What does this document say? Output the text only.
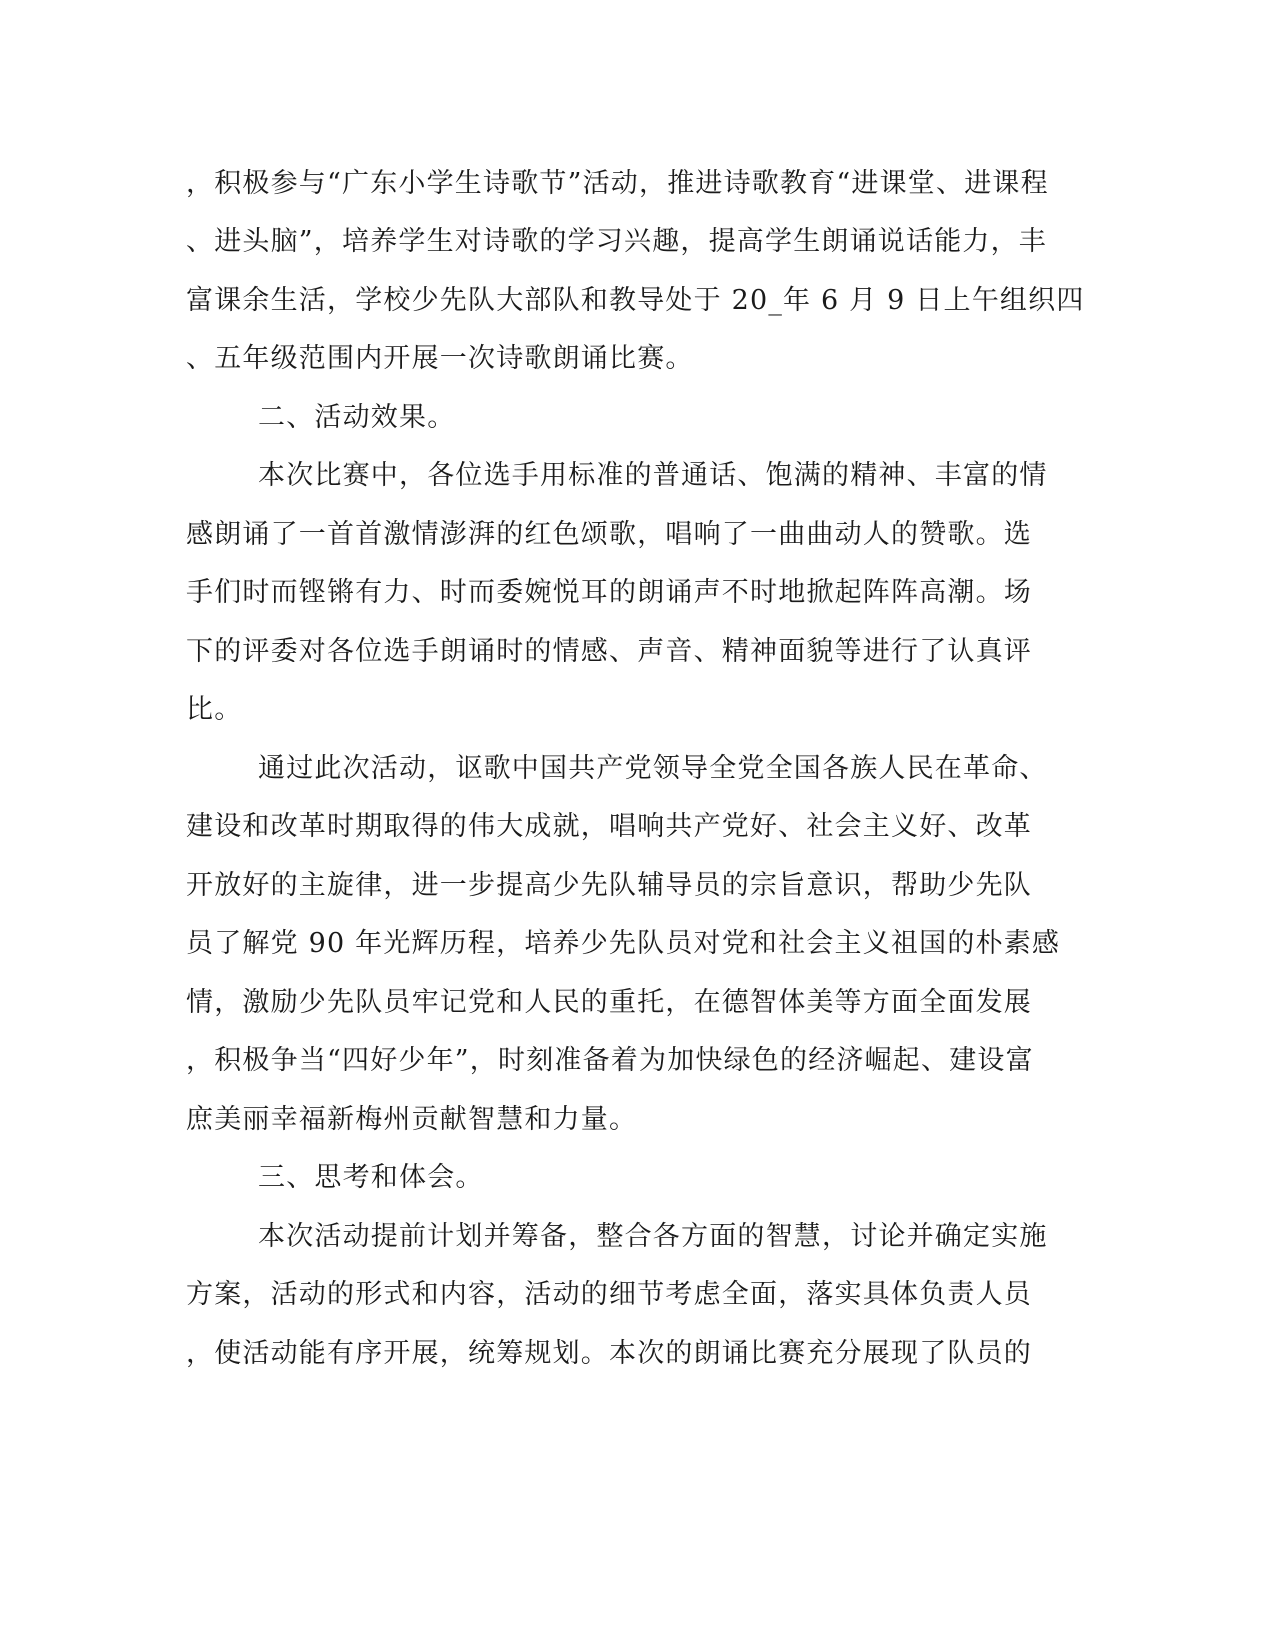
，积极参与“广东小学生诗歌节”活动，推进诗歌教育“进课堂、进课程

、进头脑”，培养学生对诗歌的学习兴趣，提高学生朗诵说话能力，丰

富课余生活，学校少先队大部队和教导处于 20_年 6 月 9 日上午组织四

、五年级范围内开展一次诗歌朗诵比赛。

二、活动效果。

本次比赛中，各位选手用标准的普通话、饱满的精神、丰富的情

感朗诵了一首首激情澎湃的红色颂歌，唱响了一曲曲动人的赞歌。选

手们时而铿锵有力、时而委婉悦耳的朗诵声不时地掀起阵阵高潮。场

下的评委对各位选手朗诵时的情感、声音、精神面貌等进行了认真评

比。

通过此次活动，讴歌中国共产党领导全党全国各族人民在革命、

建设和改革时期取得的伟大成就，唱响共产党好、社会主义好、改革

开放好的主旋律，进一步提高少先队辅导员的宗旨意识，帮助少先队

员了解党 90 年光辉历程，培养少先队员对党和社会主义祖国的朴素感

情，激励少先队员牢记党和人民的重托，在德智体美等方面全面发展

，积极争当“四好少年”，时刻准备着为加快绿色的经济崛起、建设富

庶美丽幸福新梅州贡献智慧和力量。

三、思考和体会。

本次活动提前计划并筹备，整合各方面的智慧，讨论并确定实施

方案，活动的形式和内容，活动的细节考虑全面，落实具体负责人员

，使活动能有序开展，统筹规划。本次的朗诵比赛充分展现了队员的
